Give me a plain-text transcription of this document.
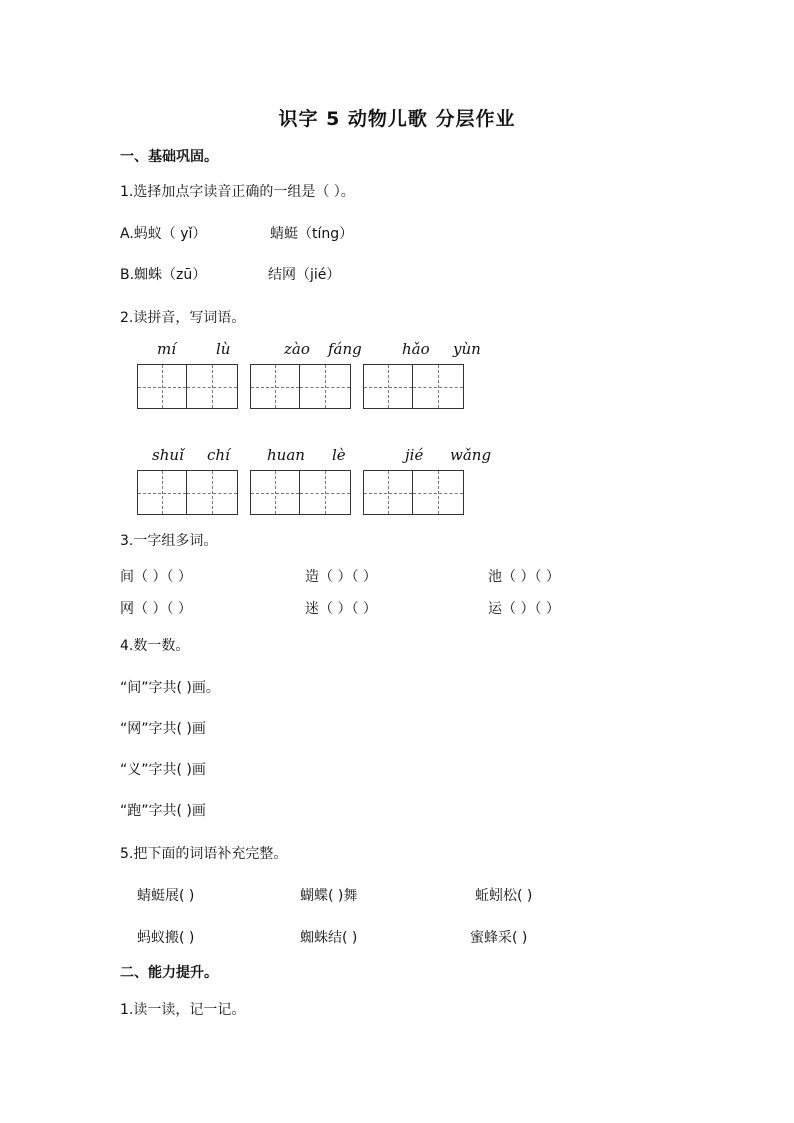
识字 5 动物儿歌 分层作业
一、基础巩固。
1.选择加点字读音正确的一组是（ ）。
A.蚂蚁（ yǐ）	蜻蜓（tíng）
B.蜘蛛（zū）	结网（jié）
2.读拼音，写词语。
mí	lù	zào fáng	hǎo yùn
shuǐ chí huan lè	jié wǎng
3.一字组多词。
间（ ）（ ）	造（ ）（ ）	池（ ）（ ）
网（ ）（ ）	迷（ ）（ ）	运（ ）（ ）
4.数一数。
“间”字共( )画。
“网”字共( )画
“义”字共( )画
“跑”字共( )画
5.把下面的词语补充完整。
蜻蜓展( )	蝴蝶( )舞	蚯蚓松( )
蚂蚁搬( )	蜘蛛结( )	蜜蜂采( )
二、能力提升。
1.读一读，记一记。
